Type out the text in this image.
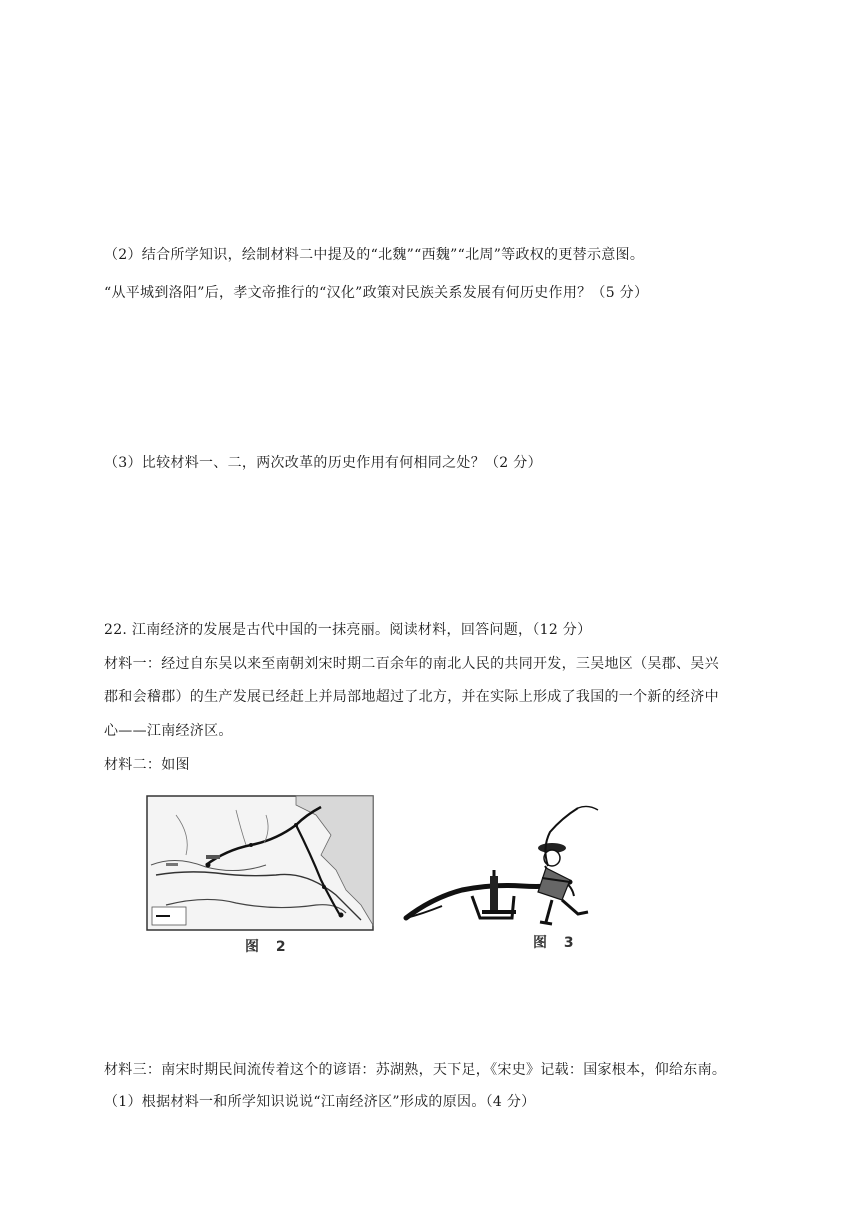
（2）结合所学知识，绘制材料二中提及的“北魏”“西魏”“北周”等政权的更替示意图。
“从平城到洛阳”后，孝文帝推行的“汉化”政策对民族关系发展有何历史作用？（5 分）
（3）比较材料一、二，两次改革的历史作用有何相同之处？（2 分）
22. 江南经济的发展是古代中国的一抹亮丽。阅读材料，回答问题，（12 分）
材料一：经过自东吴以来至南朝刘宋时期二百余年的南北人民的共同开发，三吴地区（吴郡、吴兴
郡和会稽郡）的生产发展已经赶上并局部地超过了北方，并在实际上形成了我国的一个新的经济中
心——江南经济区。
材料二：如图
图 2	图 3
材料三：南宋时期民间流传着这个的谚语：苏湖熟，天下足，《宋史》记载：国家根本，仰给东南。
（1）根据材料一和所学知识说说“江南经济区”形成的原因。（4 分）
